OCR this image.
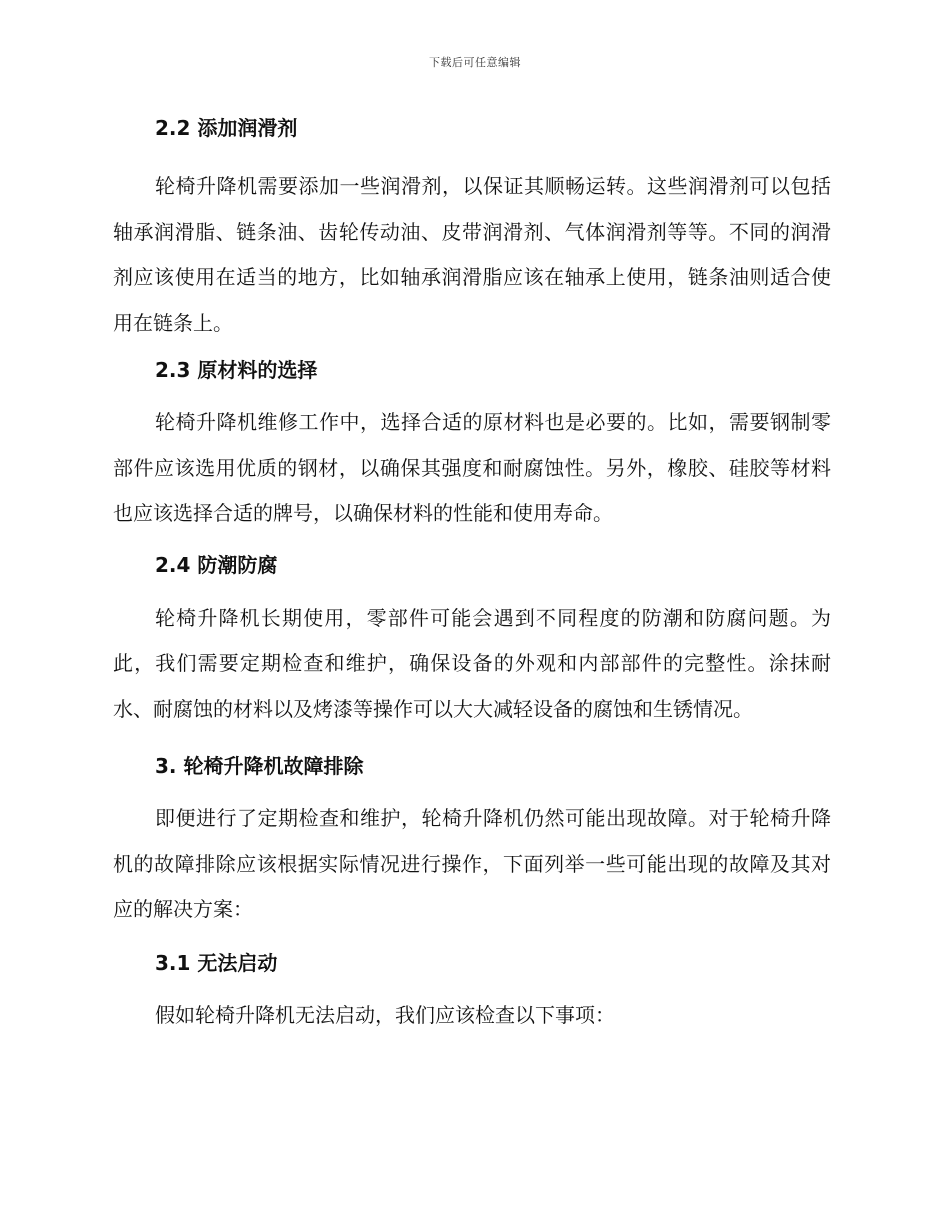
下载后可任意编辑
2.2 添加润滑剂

轮椅升降机需要添加一些润滑剂，以保证其顺畅运转。这些润滑剂可以包括轴承润滑脂、链条油、齿轮传动油、皮带润滑剂、气体润滑剂等等。不同的润滑剂应该使用在适当的地方，比如轴承润滑脂应该在轴承上使用，链条油则适合使用在链条上。

2.3 原材料的选择

轮椅升降机维修工作中，选择合适的原材料也是必要的。比如，需要钢制零部件应该选用优质的钢材，以确保其强度和耐腐蚀性。另外，橡胶、硅胶等材料也应该选择合适的牌号，以确保材料的性能和使用寿命。

2.4 防潮防腐

轮椅升降机长期使用，零部件可能会遇到不同程度的防潮和防腐问题。为此，我们需要定期检查和维护，确保设备的外观和内部部件的完整性。涂抹耐水、耐腐蚀的材料以及烤漆等操作可以大大减轻设备的腐蚀和生锈情况。

3. 轮椅升降机故障排除

即便进行了定期检查和维护，轮椅升降机仍然可能出现故障。对于轮椅升降机的故障排除应该根据实际情况进行操作，下面列举一些可能出现的故障及其对应的解决方案：

3.1 无法启动

假如轮椅升降机无法启动，我们应该检查以下事项：
